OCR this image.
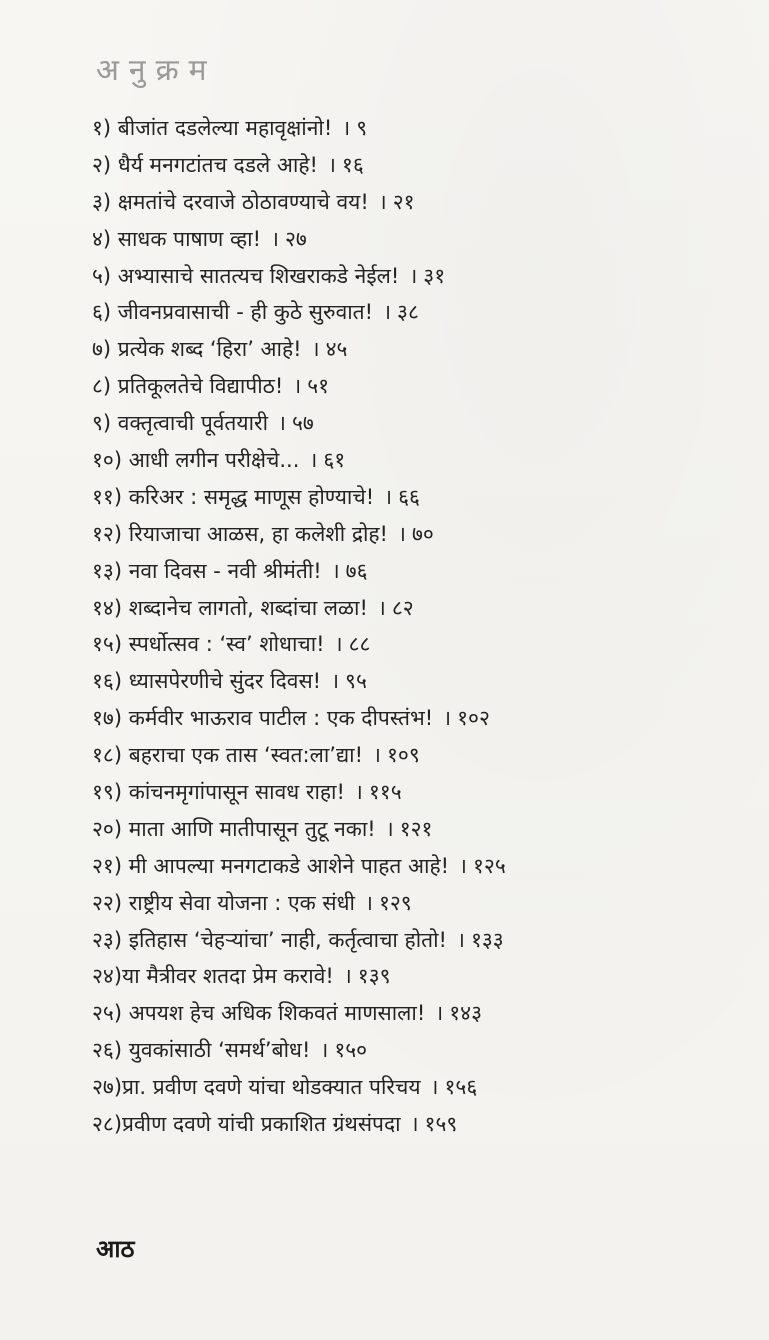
अनुक्रम
१) बीजांत दडलेल्या महावृक्षांनो! । ९
२) धैर्य मनगटांतच दडले आहे! । १६
३) क्षमतांचे दरवाजे ठोठावण्याचे वय! । २१
४) साधक पाषाण व्हा! । २७
५) अभ्यासाचे सातत्यच शिखराकडे नेईल! । ३१
६) जीवनप्रवासाची - ही कुठे सुरुवात! । ३८
७) प्रत्येक शब्द ‘हिरा’ आहे! । ४५
८) प्रतिकूलतेचे विद्यापीठ! । ५१
९) वक्तृत्वाची पूर्वतयारी । ५७
१०) आधी लगीन परीक्षेचे... । ६१
११) करिअर : समृद्ध माणूस होण्याचे! । ६६
१२) रियाजाचा आळस, हा कलेशी द्रोह! । ७०
१३) नवा दिवस - नवी श्रीमंती! । ७६
१४) शब्दानेच लागतो, शब्दांचा लळा! । ८२
१५) स्पर्धोत्सव : ‘स्व’ शोधाचा! । ८८
१६) ध्यासपेरणीचे सुंदर दिवस! । ९५
१७) कर्मवीर भाऊराव पाटील : एक दीपस्तंभ! । १०२
१८) बहराचा एक तास ‘स्वत:ला’द्या! । १०९
१९) कांचनमृगांपासून सावध राहा! । ११५
२०) माता आणि मातीपासून तुटू नका! । १२१
२१) मी आपल्या मनगटाकडे आशेने पाहत आहे! । १२५
२२) राष्ट्रीय सेवा योजना : एक संधी । १२९
२३) इतिहास ‘चेहऱ्यांचा’ नाही, कर्तृत्वाचा होतो! । १३३
२४)या मैत्रीवर शतदा प्रेम करावे! । १३९
२५) अपयश हेच अधिक शिकवतं माणसाला! । १४३
२६) युवकांसाठी ‘समर्थ’बोध! । १५०
२७)प्रा. प्रवीण दवणे यांचा थोडक्यात परिचय । १५६
२८)प्रवीण दवणे यांची प्रकाशित ग्रंथसंपदा । १५९
आठ
